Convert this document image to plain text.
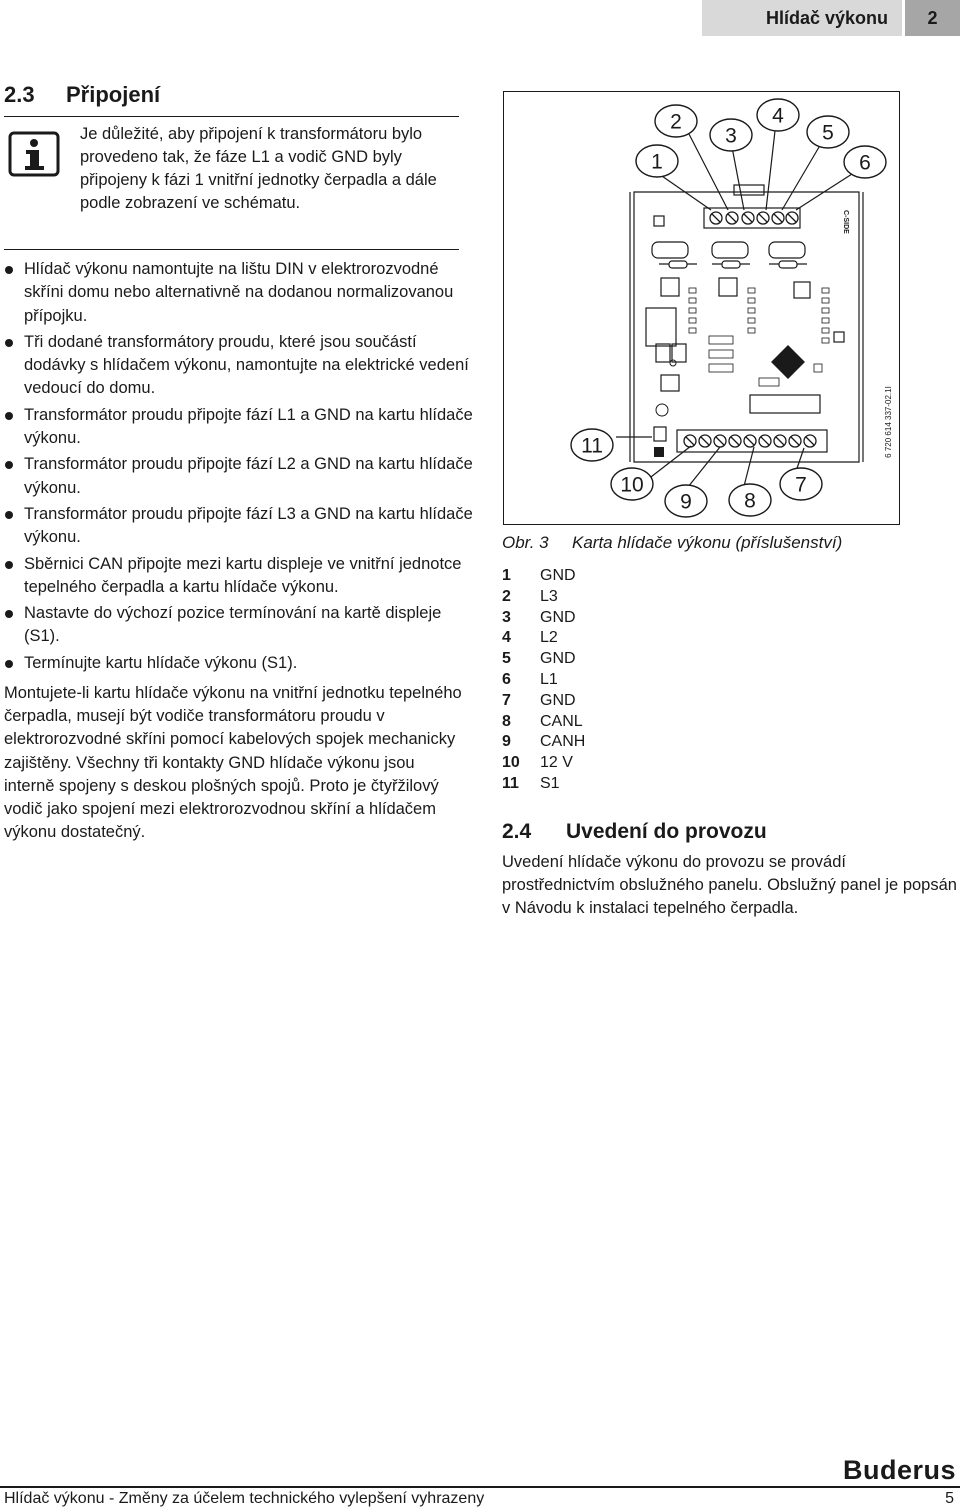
Hlídač výkonu	2
2.3 Připojení

Je důležité, aby připojení k transformátoru bylo provedeno tak, že fáze L1 a vodič GND byly připojeny k fázi 1 vnitřní jednotky čerpadla a dále podle zobrazení ve schématu.

Hlídač výkonu namontujte na lištu DIN v elektrorozvodné skříni domu nebo alternativně na dodanou normalizovanou přípojku.
Tři dodané transformátory proudu, které jsou součástí dodávky s hlídačem výkonu, namontujte na elektrické vedení vedoucí do domu.
Transformátor proudu připojte fází L1 a GND na kartu hlídače výkonu.
Transformátor proudu připojte fází L2 a GND na kartu hlídače výkonu.
Transformátor proudu připojte fází L3 a GND na kartu hlídače výkonu.
Sběrnici CAN připojte mezi kartu displeje ve vnitřní jednotce tepelného čerpadla a kartu hlídače výkonu.
Nastavte do výchozí pozice termínování na kartě displeje (S1).
Termínujte kartu hlídače výkonu (S1).

Montujete-li kartu hlídače výkonu na vnitřní jednotku tepelného čerpadla, musejí být vodiče transformátoru proudu v elektrorozvodné skříni pomocí kabelových spojek mechanicky zajištěny. Všechny tři kontakty GND hlídače výkonu jsou interně spojeny s deskou plošných spojů. Proto je čtyřžilový vodič jako spojení mezi elektrorozvodnou skříní a hlídačem výkonu dostatečný.

1
2
3
4
5
6
7
8
9
10
11
C-SIDE
6 720 614 337-02.1I

Obr. 3 Karta hlídače výkonu (příslušenství)

1	GND
2	L3
3	GND
4	L2
5	GND
6	L1
7	GND
8	CANL
9	CANH
10	12 V
11	S1
2.4 Uvedení do provozu

Uvedení hlídače výkonu do provozu se provádí prostřednictvím obslužného panelu. Obslužný panel je popsán v Návodu k instalaci tepelného čerpadla.

Buderus
Hlídač výkonu - Změny za účelem technického vylepšení vyhrazeny	5
